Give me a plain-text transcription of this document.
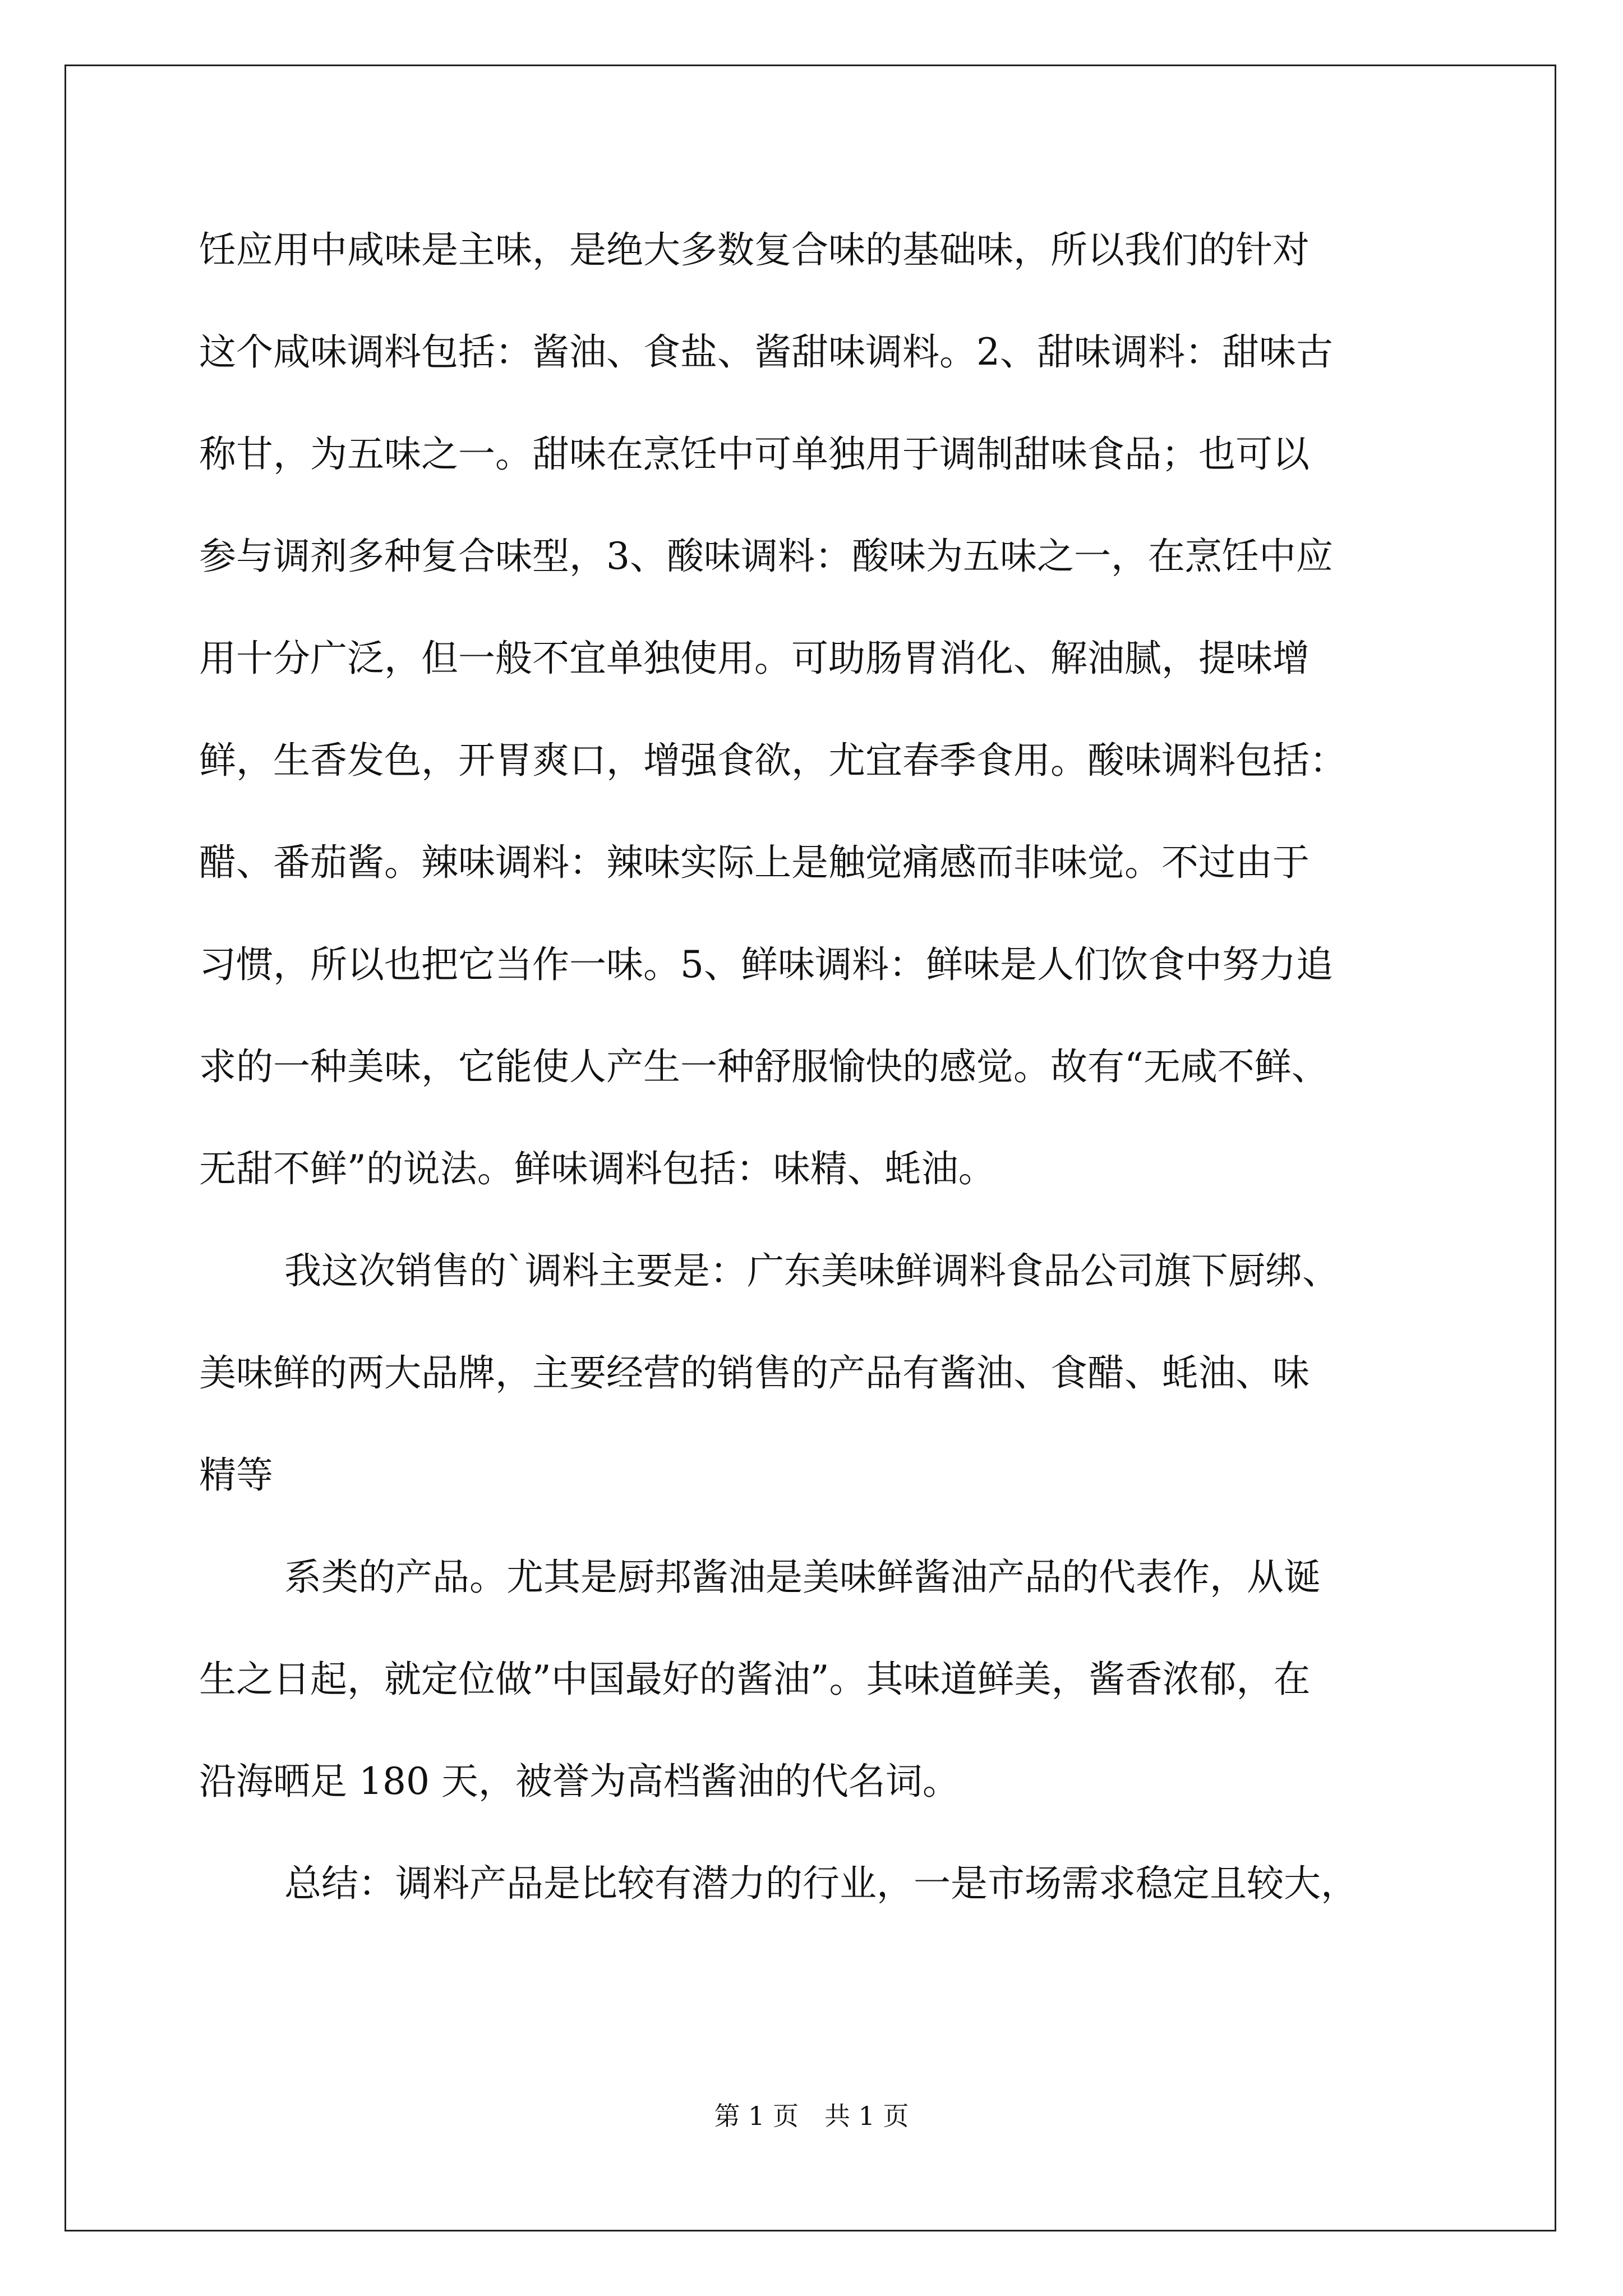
饪应用中咸味是主味，是绝大多数复合味的基础味，所以我们的针对
这个咸味调料包括：酱油、食盐、酱甜味调料。2、甜味调料：甜味古
称甘，为五味之一。甜味在烹饪中可单独用于调制甜味食品；也可以
参与调剂多种复合味型，3、酸味调料：酸味为五味之一，在烹饪中应
用十分广泛，但一般不宜单独使用。可助肠胃消化、解油腻，提味增
鲜，生香发色，开胃爽口，增强食欲，尤宜春季食用。酸味调料包括：
醋、番茄酱。辣味调料：辣味实际上是触觉痛感而非味觉。不过由于
习惯，所以也把它当作一味。5、鲜味调料：鲜味是人们饮食中努力追
求的一种美味，它能使人产生一种舒服愉快的感觉。故有“无咸不鲜、
无甜不鲜”的说法。鲜味调料包括：味精、蚝油。
我这次销售的`调料主要是：广东美味鲜调料食品公司旗下厨绑、
美味鲜的两大品牌，主要经营的销售的产品有酱油、食醋、蚝油、味
精等
系类的产品。尤其是厨邦酱油是美味鲜酱油产品的代表作，从诞
生之日起，就定位做”中国最好的酱油”。其味道鲜美，酱香浓郁，在
沿海晒足 180 天，被誉为高档酱油的代名词。
总结：调料产品是比较有潜力的行业，一是市场需求稳定且较大，
第 1 页　共 1 页
